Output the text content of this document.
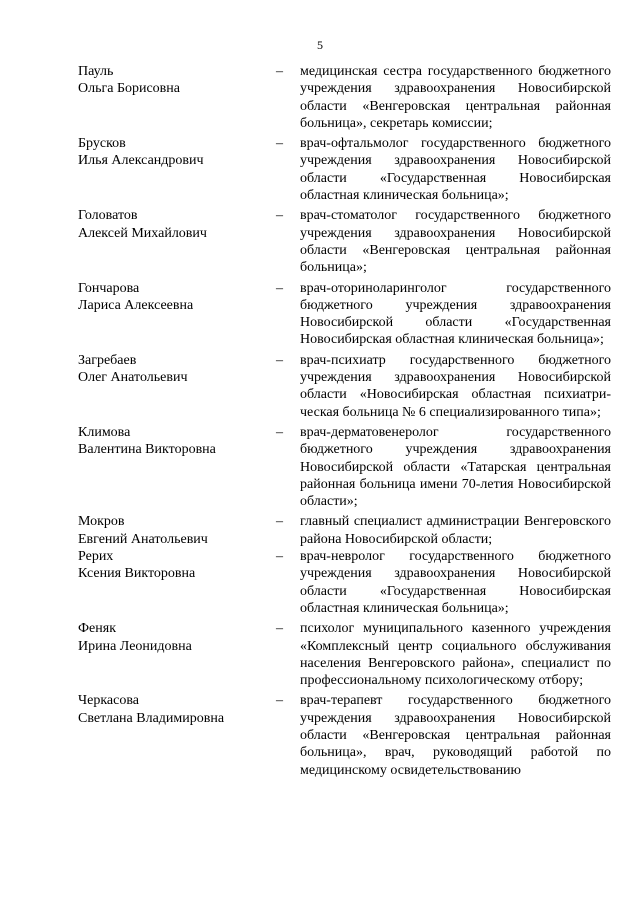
5
Пауль
Ольга Борисовна
– медицинская сестра государственного бюджетного учреждения здравоохранения Новосибирской области «Венгеровская центральная районная больница», секретарь комиссии;
Брусков
Илья Александрович
– врач-офтальмолог государственного бюджетного учреждения здравоохранения Новосибирской области «Государственная Новосибирская областная клиническая больница»;
Головатов
Алексей Михайлович
– врач-стоматолог государственного бюджетного учреждения здравоохранения Новосибирской области «Венгеровская центральная районная больница»;
Гончарова
Лариса Алексеевна
– врач-оториноларинголог государственного бюджетного учреждения здравоохранения Новосибирской области «Государственная Новосибирская областная клиническая больница»;
Загребаев
Олег Анатольевич
– врач-психиатр государственного бюджетного учреждения здравоохранения Новосибирской области «Новосибирская областная психиатри- ческая больница № 6 специализированного типа»;
Климова
Валентина Викторовна
– врач-дерматовенеролог государственного бюджетного учреждения здравоохранения Новосибирской области «Татарская центральная районная больница имени 70-летия Новосибирской области»;
Мокров
Евгений Анатольевич
– главный специалист администрации Венгеровского района Новосибирской области;
Рерих
Ксения Викторовна
– врач-невролог государственного бюджетного учреждения здравоохранения Новосибирской области «Государственная Новосибирская областная клиническая больница»;
Феняк
Ирина Леонидовна
– психолог муниципального казенного учреждения «Комплексный центр социального обслуживания населения Венгеровского района», специалист по профессиональному психологическому отбору;
Черкасова
Светлана Владимировна
– врач-терапевт государственного бюджетного учреждения здравоохранения Новосибирской области «Венгеровская центральная районная больница», врач, руководящий работой по медицинскому освидетельствованию
